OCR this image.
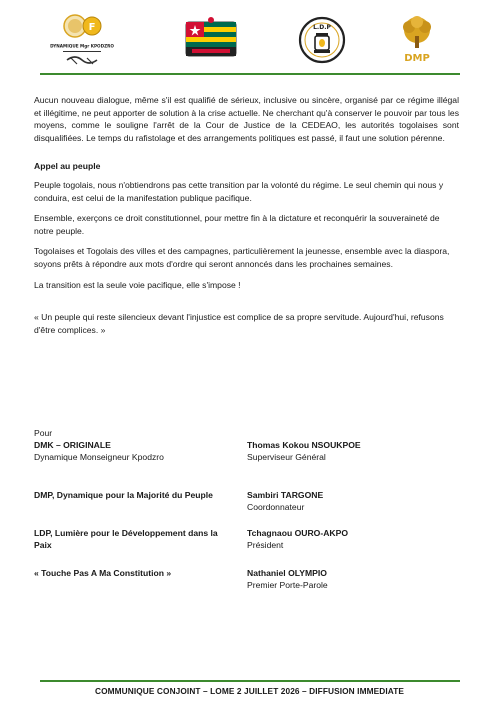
F
DYNAMIQUE Mgr KPODZRO
L.D.P
DMP

Aucun nouveau dialogue, même s'il est qualifié de sérieux, inclusive ou sincère, organisé par ce régime illégal et illégitime, ne peut apporter de solution à la crise actuelle. Ne cherchant qu'à conserver le pouvoir par tous les moyens, comme le souligne l'arrêt de la Cour de Justice de la CEDEAO, les autorités togolaises sont disqualifiées. Le temps du rafistolage et des arrangements politiques est passé, il faut une solution pérenne.

Appel au peuple

Peuple togolais, nous n'obtiendrons pas cette transition par la volonté du régime. Le seul chemin qui nous y conduira, est celui de la manifestation publique pacifique.

Ensemble, exerçons ce droit constitutionnel, pour mettre fin à la dictature et reconquérir la souveraineté de notre peuple.

Togolaises et Togolais des villes et des campagnes, particulièrement la jeunesse, ensemble avec la diaspora, soyons prêts à répondre aux mots d'ordre qui seront annoncés dans les prochaines semaines.

La transition est la seule voie pacifique, elle s'impose !

« Un peuple qui reste silencieux devant l'injustice est complice de sa propre servitude. Aujourd'hui, refusons d'être complices. »

Pour
DMK – ORIGINALE
Dynamique Monseigneur Kpodzro
Thomas Kokou NSOUKPOE
Superviseur Général
DMP, Dynamique pour la Majorité du Peuple	Sambiri TARGONE
Coordonnateur
LDP, Lumière pour le Développement dans la Paix
Tchagnaou OURO-AKPO
Président
« Touche Pas A Ma Constitution »	Nathaniel OLYMPIO
Premier Porte-Parole
COMMUNIQUE CONJOINT – LOME 2 JUILLET 2026 – DIFFUSION IMMEDIATE
